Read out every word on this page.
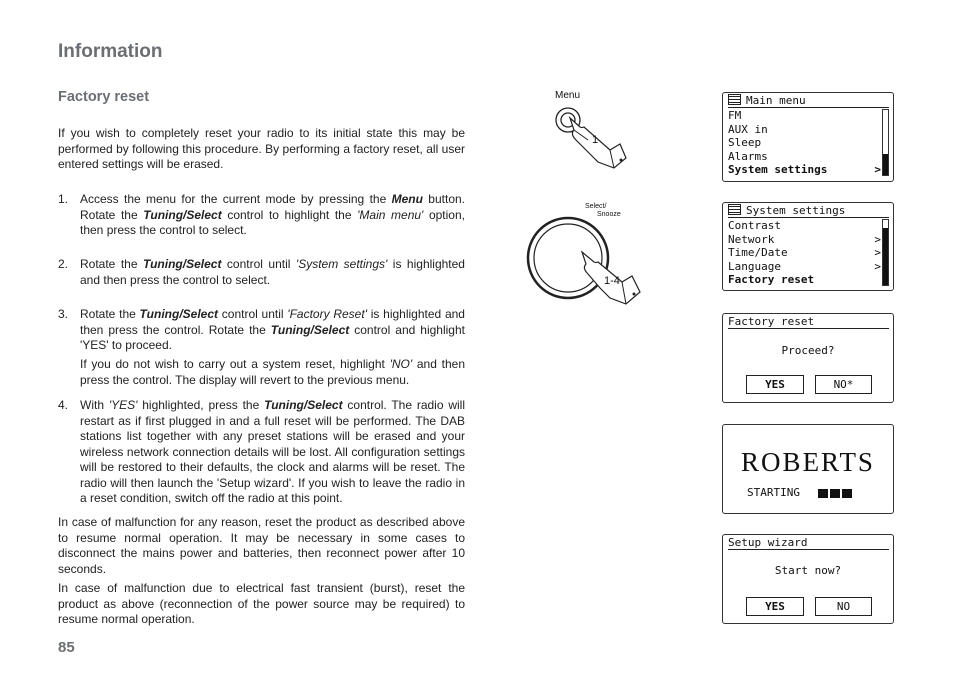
Information
Factory reset
If you wish to completely reset your radio to its initial state this may be performed by following this procedure. By performing a factory reset, all user entered settings will be erased.
1. Access the menu for the current mode by pressing the Menu button. Rotate the Tuning/Select control to highlight the 'Main menu' option, then press the control to select.
2. Rotate the Tuning/Select control until 'System settings' is highlighted and then press the control to select.
3. Rotate the Tuning/Select control until 'Factory Reset' is highlighted and then press the control. Rotate the Tuning/Select control and highlight 'YES' to proceed.
If you do not wish to carry out a system reset, highlight 'NO' and then press the control. The display will revert to the previous menu.
4. With 'YES' highlighted, press the Tuning/Select control. The radio will restart as if first plugged in and a full reset will be performed. The DAB stations list together with any preset stations will be erased and your wireless network connection details will be lost. All configuration settings will be restored to their defaults, the clock and alarms will be reset. The radio will then launch the 'Setup wizard'. If you wish to leave the radio in a reset condition, switch off the radio at this point.
In case of malfunction for any reason, reset the product as described above to resume normal operation. It may be necessary in some cases to disconnect the mains power and batteries, then reconnect power after 10 seconds.
In case of malfunction due to electrical fast transient (burst), reset the product as above (reconnection of the power source may be required) to resume normal operation.
85
Menu
1
Select/
Snooze
1-4
Main menu
FM
AUX in
Sleep
Alarms
System settings	>
System settings
Contrast
Network	>
Time/Date	>
Language	>
Factory reset
Factory reset
Proceed?
YES	NO*
ROBERTS
STARTING
Setup wizard
Start now?
YES	NO
